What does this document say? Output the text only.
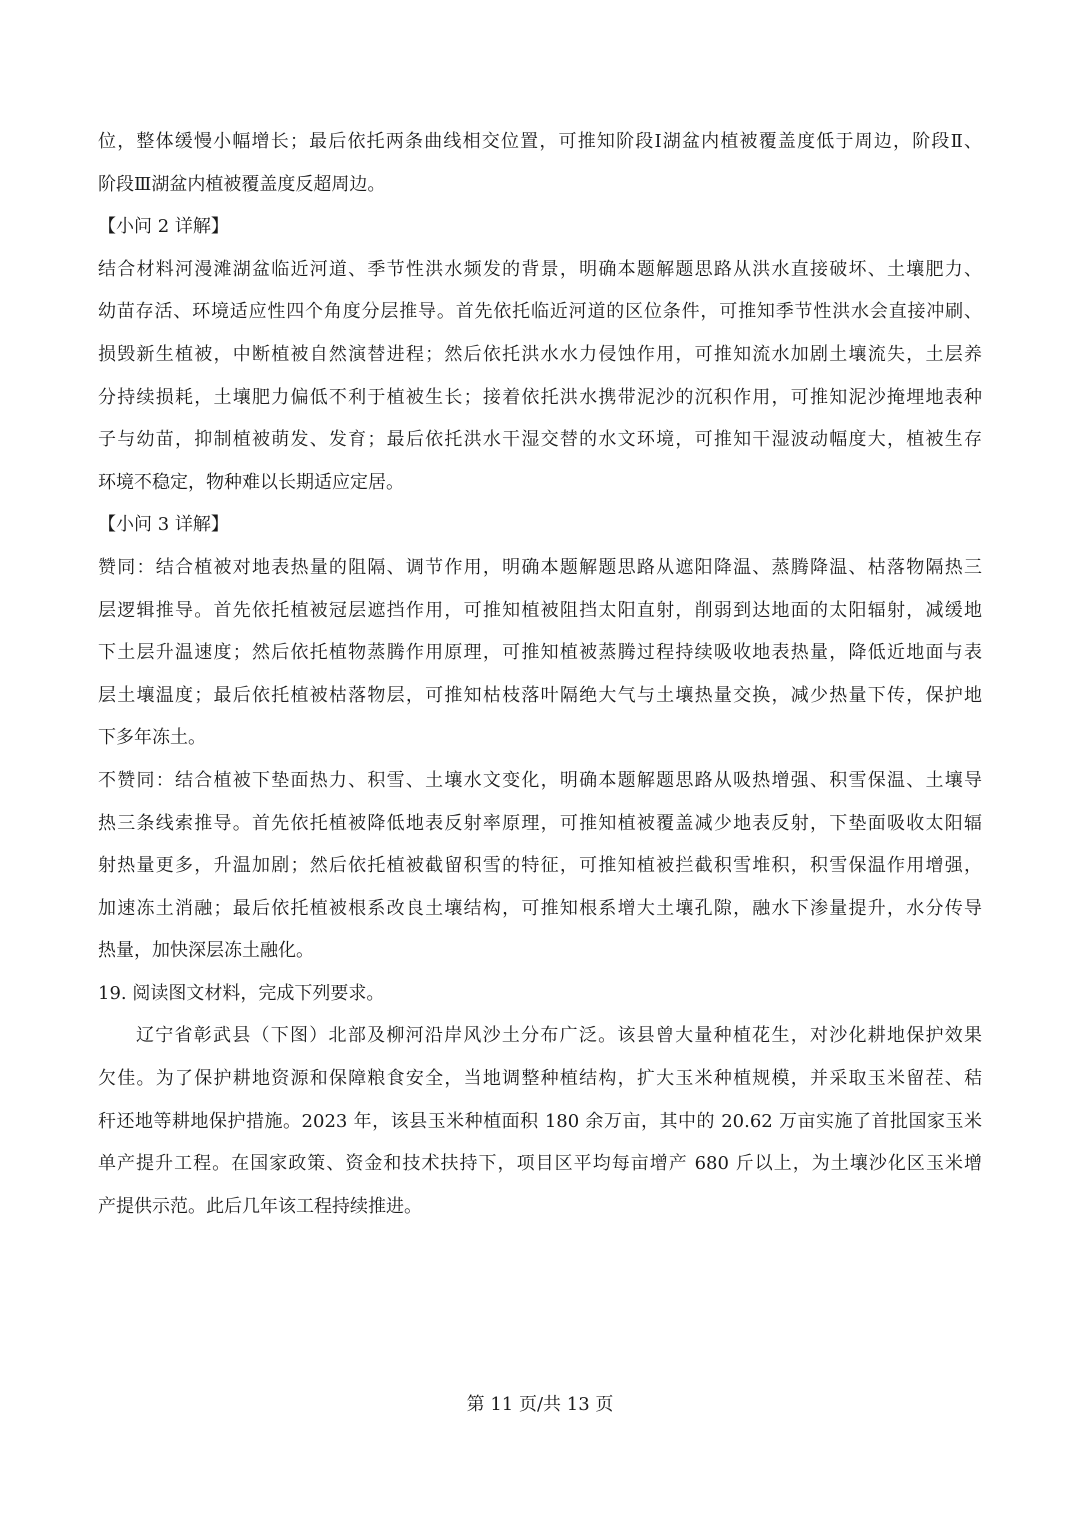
位，整体缓慢小幅增长；最后依托两条曲线相交位置，可推知阶段Ⅰ湖盆内植被覆盖度低于周边，阶段Ⅱ、
阶段Ⅲ湖盆内植被覆盖度反超周边。
【小问 2 详解】
结合材料河漫滩湖盆临近河道、季节性洪水频发的背景，明确本题解题思路从洪水直接破坏、土壤肥力、
幼苗存活、环境适应性四个角度分层推导。首先依托临近河道的区位条件，可推知季节性洪水会直接冲刷、
损毁新生植被，中断植被自然演替进程；然后依托洪水水力侵蚀作用，可推知流水加剧土壤流失，土层养
分持续损耗，土壤肥力偏低不利于植被生长；接着依托洪水携带泥沙的沉积作用，可推知泥沙掩埋地表种
子与幼苗，抑制植被萌发、发育；最后依托洪水干湿交替的水文环境，可推知干湿波动幅度大，植被生存
环境不稳定，物种难以长期适应定居。
【小问 3 详解】
赞同：结合植被对地表热量的阻隔、调节作用，明确本题解题思路从遮阳降温、蒸腾降温、枯落物隔热三
层逻辑推导。首先依托植被冠层遮挡作用，可推知植被阻挡太阳直射，削弱到达地面的太阳辐射，减缓地
下土层升温速度；然后依托植物蒸腾作用原理，可推知植被蒸腾过程持续吸收地表热量，降低近地面与表
层土壤温度；最后依托植被枯落物层，可推知枯枝落叶隔绝大气与土壤热量交换，减少热量下传，保护地
下多年冻土。
不赞同：结合植被下垫面热力、积雪、土壤水文变化，明确本题解题思路从吸热增强、积雪保温、土壤导
热三条线索推导。首先依托植被降低地表反射率原理，可推知植被覆盖减少地表反射，下垫面吸收太阳辐
射热量更多，升温加剧；然后依托植被截留积雪的特征，可推知植被拦截积雪堆积，积雪保温作用增强，
加速冻土消融；最后依托植被根系改良土壤结构，可推知根系增大土壤孔隙，融水下渗量提升，水分传导
热量，加快深层冻土融化。
19. 阅读图文材料，完成下列要求。
辽宁省彰武县（下图）北部及柳河沿岸风沙土分布广泛。该县曾大量种植花生，对沙化耕地保护效果
欠佳。为了保护耕地资源和保障粮食安全，当地调整种植结构，扩大玉米种植规模，并采取玉米留茬、秸
秆还地等耕地保护措施。2023 年，该县玉米种植面积 180 余万亩，其中的 20.62 万亩实施了首批国家玉米
单产提升工程。在国家政策、资金和技术扶持下，项目区平均每亩增产 680 斤以上，为土壤沙化区玉米增
产提供示范。此后几年该工程持续推进。
第 11 页/共 13 页
